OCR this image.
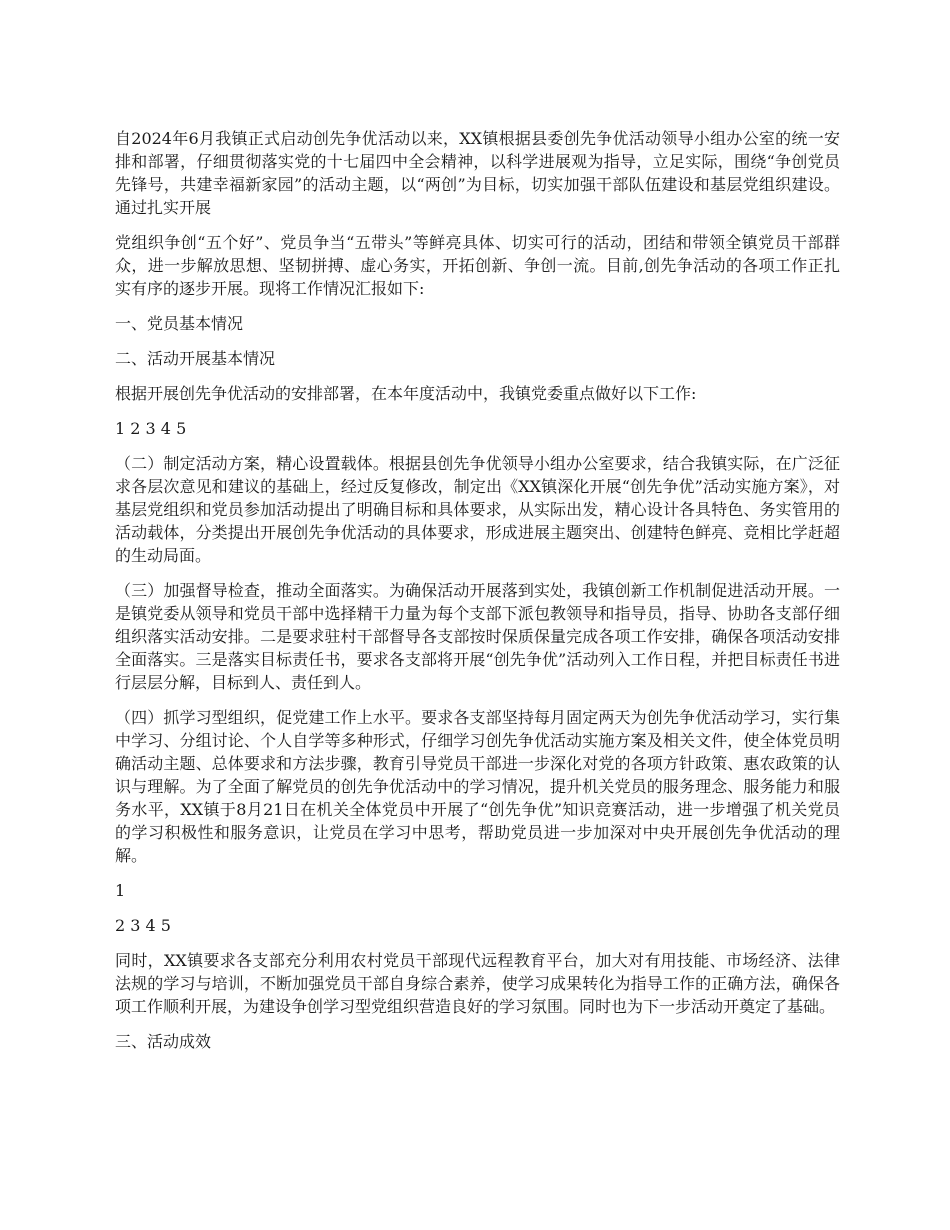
自2024年6月我镇正式启动创先争优活动以来，XX镇根据县委创先争优活动领导小组办公室的统一安排和部署，仔细贯彻落实党的十七届四中全会精神，以科学进展观为指导，立足实际，围绕“争创党员先锋号，共建幸福新家园”的活动主题，以“两创”为目标，切实加强干部队伍建设和基层党组织建设。通过扎实开展

党组织争创“五个好”、党员争当“五带头”等鲜亮具体、切实可行的活动，团结和带领全镇党员干部群众，进一步解放思想、坚韧拼搏、虚心务实，开拓创新、争创一流。目前,创先争活动的各项工作正扎实有序的逐步开展。现将工作情况汇报如下:

一、党员基本情况

二、活动开展基本情况

根据开展创先争优活动的安排部署，在本年度活动中，我镇党委重点做好以下工作:

1 2 3 4 5

（二）制定活动方案，精心设置载体。根据县创先争优领导小组办公室要求，结合我镇实际，在广泛征求各层次意见和建议的基础上，经过反复修改，制定出《XX镇深化开展“创先争优”活动实施方案》，对基层党组织和党员参加活动提出了明确目标和具体要求，从实际出发，精心设计各具特色、务实管用的活动载体，分类提出开展创先争优活动的具体要求，形成进展主题突出、创建特色鲜亮、竞相比学赶超的生动局面。

（三）加强督导检查，推动全面落实。为确保活动开展落到实处，我镇创新工作机制促进活动开展。一是镇党委从领导和党员干部中选择精干力量为每个支部下派包教领导和指导员，指导、协助各支部仔细组织落实活动安排。二是要求驻村干部督导各支部按时保质保量完成各项工作安排，确保各项活动安排全面落实。三是落实目标责任书，要求各支部将开展“创先争优”活动列入工作日程，并把目标责任书进行层层分解，目标到人、责任到人。

（四）抓学习型组织，促党建工作上水平。要求各支部坚持每月固定两天为创先争优活动学习，实行集中学习、分组讨论、个人自学等多种形式，仔细学习创先争优活动实施方案及相关文件，使全体党员明确活动主题、总体要求和方法步骤，教育引导党员干部进一步深化对党的各项方针政策、惠农政策的认识与理解。为了全面了解党员的创先争优活动中的学习情况，提升机关党员的服务理念、服务能力和服务水平，XX镇于8月21日在机关全体党员中开展了“创先争优”知识竞赛活动，进一步增强了机关党员的学习积极性和服务意识，让党员在学习中思考，帮助党员进一步加深对中央开展创先争优活动的理解。

1

2 3 4 5

同时，XX镇要求各支部充分利用农村党员干部现代远程教育平台，加大对有用技能、市场经济、法律法规的学习与培训，不断加强党员干部自身综合素养，使学习成果转化为指导工作的正确方法，确保各项工作顺利开展，为建设争创学习型党组织营造良好的学习氛围。同时也为下一步活动开奠定了基础。

三、活动成效
